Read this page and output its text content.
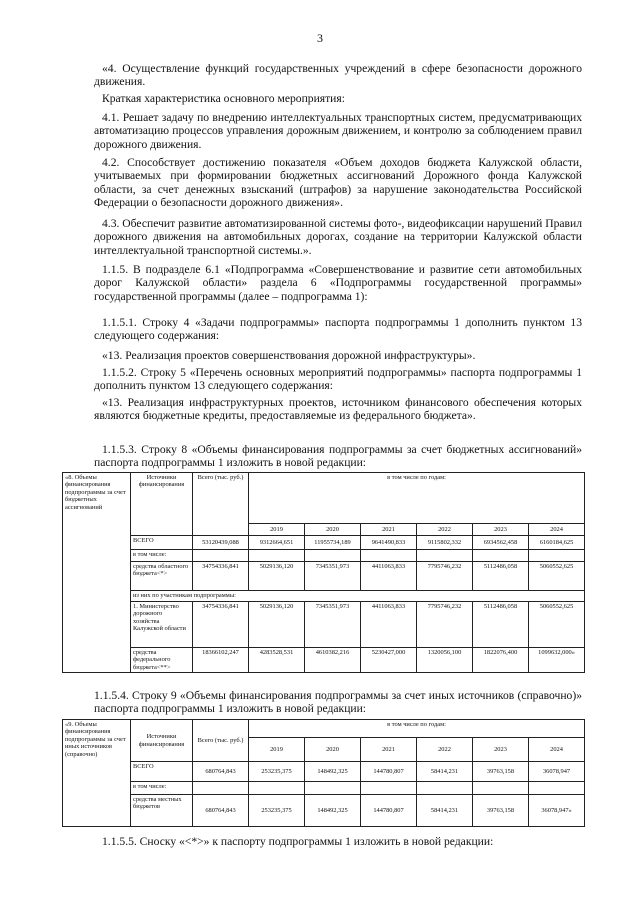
3
«4. Осуществление функций государственных учреждений в сфере безопасности дорожного движения.
Краткая характеристика основного мероприятия:
4.1. Решает задачу по внедрению интеллектуальных транспортных систем, предусматривающих автоматизацию процессов управления дорожным движением, и контролю за соблюдением правил дорожного движения.
4.2. Способствует достижению показателя «Объем доходов бюджета Калужской области, учитываемых при формировании бюджетных ассигнований Дорожного фонда Калужской области, за счет денежных взысканий (штрафов) за нарушение законодательства Российской Федерации о безопасности дорожного движения».
4.3. Обеспечит развитие автоматизированной системы фото-, видеофиксации нарушений Правил дорожного движения на автомобильных дорогах, создание на территории Калужской области интеллектуальной транспортной системы.».
1.1.5. В подразделе 6.1 «Подпрограмма «Совершенствование и развитие сети автомобильных дорог Калужской области» раздела 6 «Подпрограммы государственной программы» государственной программы (далее – подпрограмма 1):
1.1.5.1. Строку 4 «Задачи подпрограммы» паспорта подпрограммы 1 дополнить пунктом 13 следующего содержания:
«13. Реализация проектов совершенствования дорожной инфраструктуры».
1.1.5.2. Строку 5 «Перечень основных мероприятий подпрограммы» паспорта подпрограммы 1 дополнить пунктом 13 следующего содержания:
«13. Реализация инфраструктурных проектов, источником финансового обеспечения которых являются бюджетные кредиты, предоставляемые из федерального бюджета».
1.1.5.3. Строку 8 «Объемы финансирования подпрограммы за счет бюджетных ассигнований» паспорта подпрограммы 1 изложить в новой редакции:
«8. Объемы финансирования подпрограммы за счет бюджетных ассигнований	Источники финансирования	Всего (тыс. руб.)	в том числе по годам:					
			2019	2020	2021	2022	2023	2024
	ВСЕГО	53120439,088	9312664,651	11955734,189	9641490,833	9115802,332	6934562,458	6160184,625
	в том числе:							
	средства областного бюджета<*>	34754336,841	5029136,120	7345351,973	4411063,833	7795746,232	5112486,058	5060552,625
	из них по участникам подпрограммы:							
	1. Министерство дорожного хозяйства Калужской области	34754336,841	5029136,120	7345351,973	4411063,833	7795746,232	5112486,058	5060552,625
	средства федерального бюджета<**>	18366102,247	4283528,531	4610382,216	5230427,000	1320056,100	1822076,400	1099632,000»
1.1.5.4. Строку 9 «Объемы финансирования подпрограммы за счет иных источников (справочно)» паспорта подпрограммы 1 изложить в новой редакции:
«9. Объемы финансирования подпрограммы за счет иных источников (справочно)	Источники финансирования	Всего (тыс. руб.)	в том числе по годам:					
			2019	2020	2021	2022	2023	2024
	ВСЕГО	680764,843	253235,375	148492,325	144780,807	58414,231	39763,158	36078,947
	в том числе:							
	средства местных бюджетов	680764,843	253235,375	148492,325	144780,807	58414,231	39763,158	36078,947»
1.1.5.5. Сноску «<*>» к паспорту подпрограммы 1 изложить в новой редакции:
